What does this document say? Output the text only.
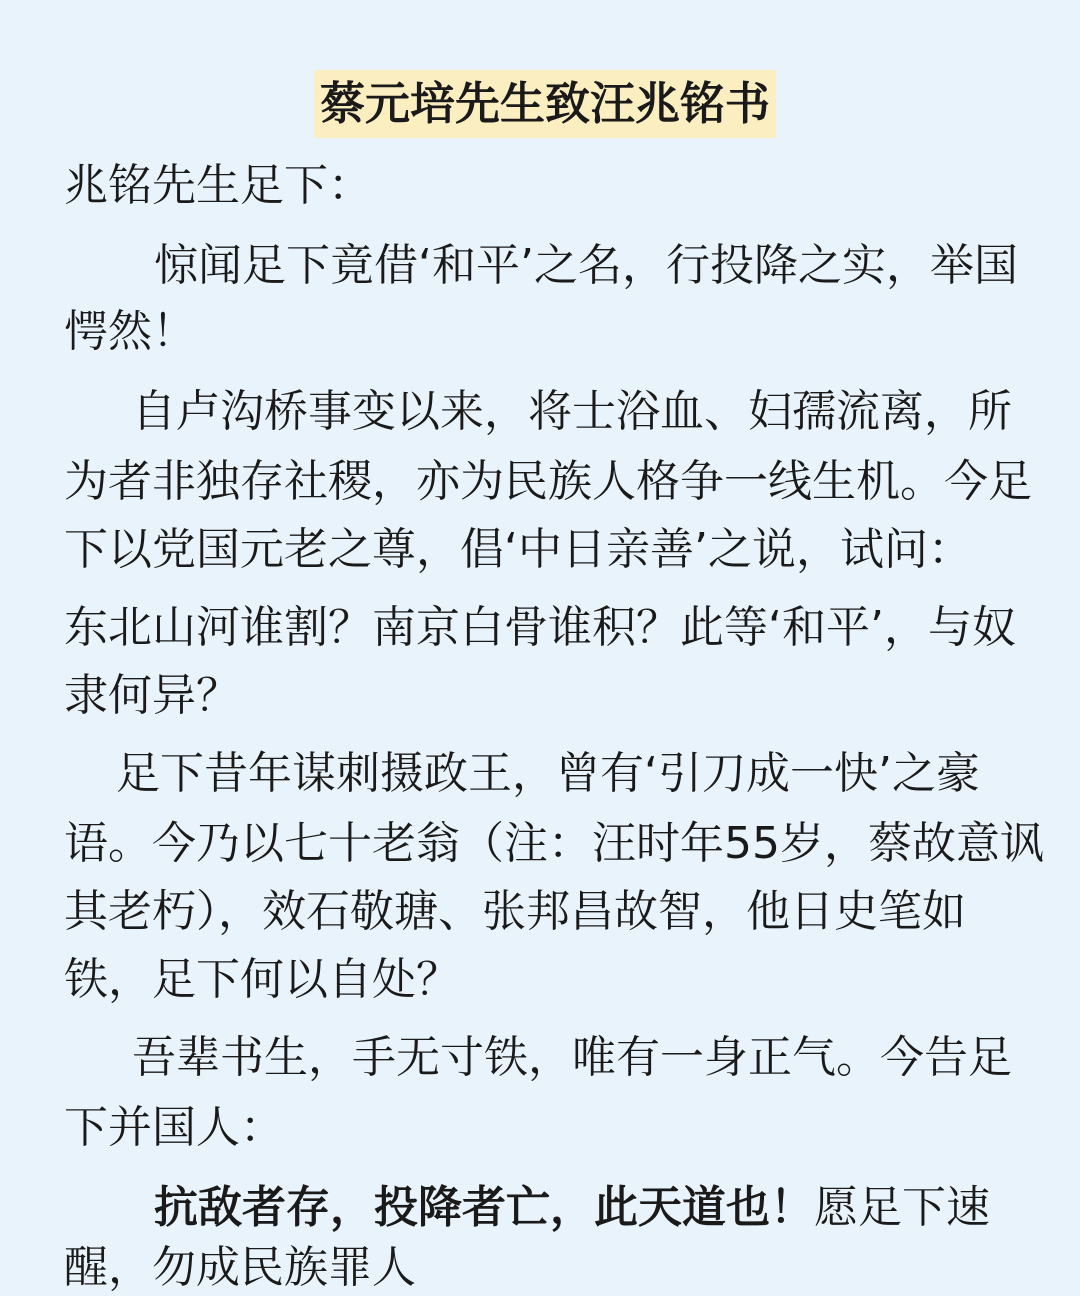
蔡元培先生致汪兆铭书
兆铭先生足下：
惊闻足下竟借‘和平’之名，行投降之实，举国
愕然！
自卢沟桥事变以来，将士浴血、妇孺流离，所
为者非独存社稷，亦为民族人格争一线生机。今足
下以党国元老之尊，倡‘中日亲善’之说，试问：
东北山河谁割？南京白骨谁积？此等‘和平’，与奴
隶何异？
足下昔年谋刺摄政王，曾有‘引刀成一快’之豪
语。今乃以七十老翁（注：汪时年55岁，蔡故意讽
其老朽），效石敬瑭、张邦昌故智，他日史笔如
铁，足下何以自处？
吾辈书生，手无寸铁，唯有一身正气。今告足
下并国人：
抗敌者存，投降者亡，此天道也！愿足下速
醒，勿成民族罪人
